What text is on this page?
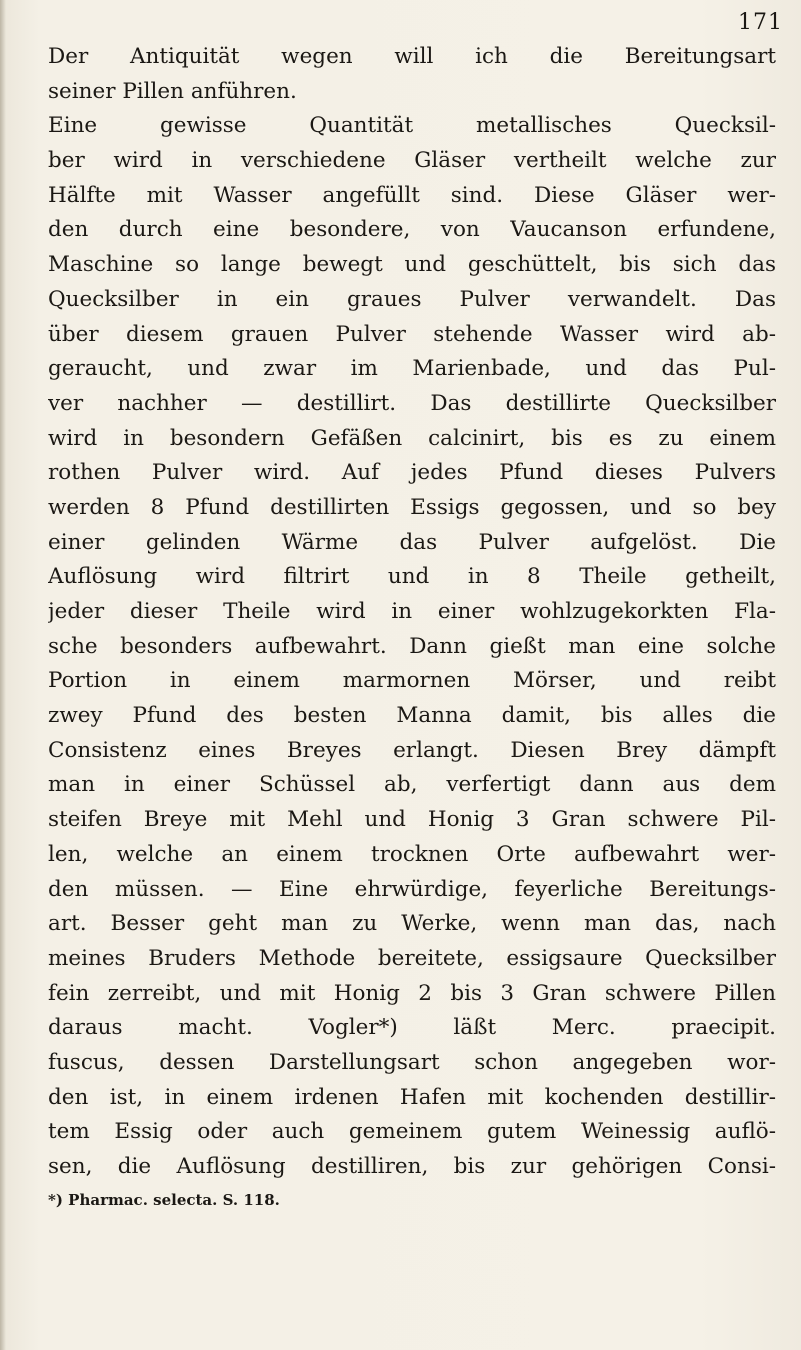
171
Der Antiquität wegen will ich die Bereitungsart
seiner Pillen anführen.
Eine gewisse Quantität metallisches Quecksil-
ber wird in verschiedene Gläser vertheilt welche zur
Hälfte mit Wasser angefüllt sind. Diese Gläser wer-
den durch eine besondere, von Vaucanson erfundene,
Maschine so lange bewegt und geschüttelt, bis sich das
Quecksilber in ein graues Pulver verwandelt. Das
über diesem grauen Pulver stehende Wasser wird ab-
geraucht, und zwar im Marienbade, und das Pul-
ver nachher — destillirt. Das destillirte Quecksilber
wird in besondern Gefäßen calcinirt, bis es zu einem
rothen Pulver wird. Auf jedes Pfund dieses Pulvers
werden 8 Pfund destillirten Essigs gegossen, und so bey
einer gelinden Wärme das Pulver aufgelöst. Die
Auflösung wird filtrirt und in 8 Theile getheilt,
jeder dieser Theile wird in einer wohlzugekorkten Fla-
sche besonders aufbewahrt. Dann gießt man eine solche
Portion in einem marmornen Mörser, und reibt
zwey Pfund des besten Manna damit, bis alles die
Consistenz eines Breyes erlangt. Diesen Brey dämpft
man in einer Schüssel ab, verfertigt dann aus dem
steifen Breye mit Mehl und Honig 3 Gran schwere Pil-
len, welche an einem trocknen Orte aufbewahrt wer-
den müssen. — Eine ehrwürdige, feyerliche Bereitungs-
art. Besser geht man zu Werke, wenn man das, nach
meines Bruders Methode bereitete, essigsaure Quecksilber
fein zerreibt, und mit Honig 2 bis 3 Gran schwere Pillen
daraus macht. Vogler*) läßt Merc. praecipit.
fuscus, dessen Darstellungsart schon angegeben wor-
den ist, in einem irdenen Hafen mit kochenden destillir-
tem Essig oder auch gemeinem gutem Weinessig auflö-
sen, die Auflösung destilliren, bis zur gehörigen Consi-
*) Pharmac. selecta. S. 118.
